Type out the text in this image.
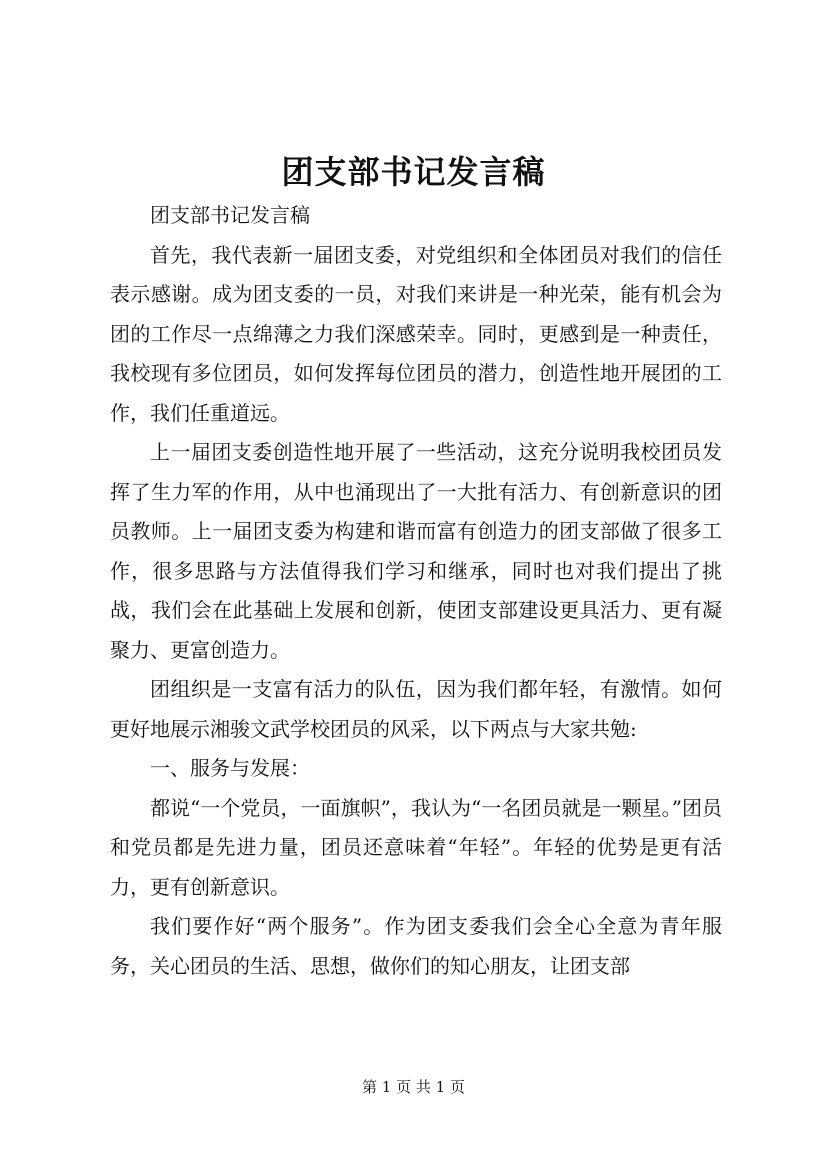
团支部书记发言稿

团支部书记发言稿

首先，我代表新一届团支委，对党组织和全体团员对我们的信任表示感谢。成为团支委的一员，对我们来讲是一种光荣，能有机会为团的工作尽一点绵薄之力我们深感荣幸。同时，更感到是一种责任，我校现有多位团员，如何发挥每位团员的潜力，创造性地开展团的工作，我们任重道远。

上一届团支委创造性地开展了一些活动，这充分说明我校团员发挥了生力军的作用，从中也涌现出了一大批有活力、有创新意识的团员教师。上一届团支委为构建和谐而富有创造力的团支部做了很多工作，很多思路与方法值得我们学习和继承，同时也对我们提出了挑战，我们会在此基础上发展和创新，使团支部建设更具活力、更有凝聚力、更富创造力。

团组织是一支富有活力的队伍，因为我们都年轻，有激情。如何更好地展示湘骏文武学校团员的风采，以下两点与大家共勉:

一、服务与发展：

都说“一个党员，一面旗帜”，我认为“一名团员就是一颗星。”团员和党员都是先进力量，团员还意味着“年轻”。年轻的优势是更有活力，更有创新意识。

我们要作好“两个服务”。作为团支委我们会全心全意为青年服务，关心团员的生活、思想，做你们的知心朋友，让团支部

第 1 页 共 1 页
